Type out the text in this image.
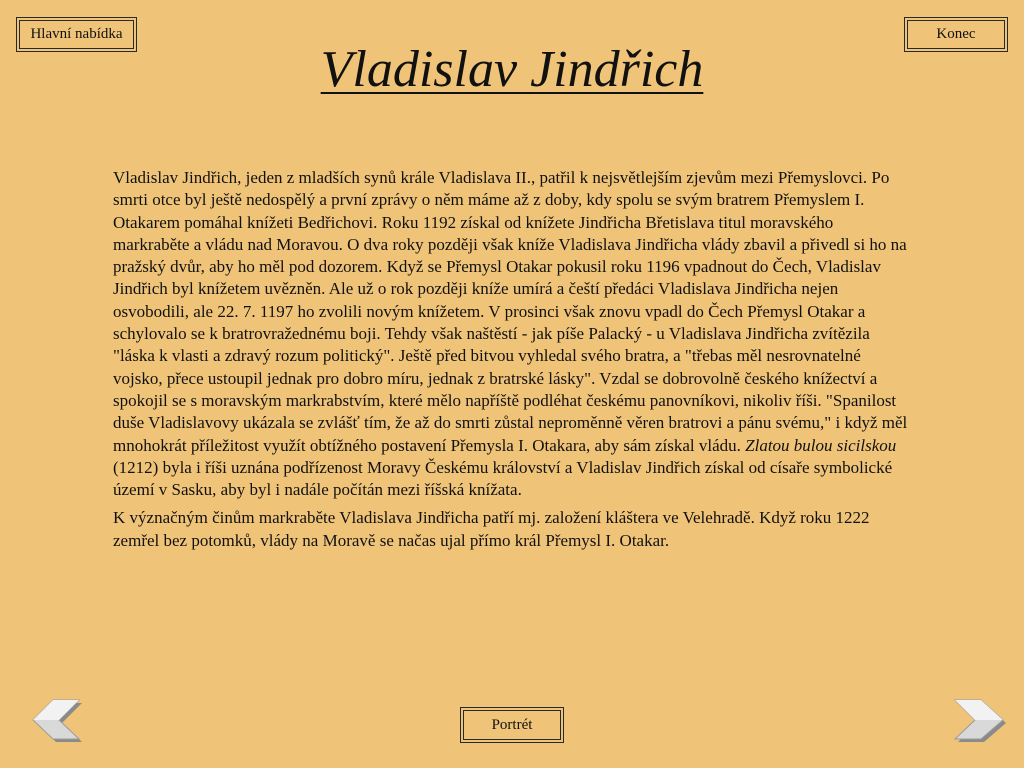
Hlavní nabídka	Konec
Vladislav Jindřich

Vladislav Jindřich, jeden z mladších synů krále Vladislava II., patřil k nejsvětlejším zjevům mezi Přemyslovci. Po smrti otce byl ještě nedospělý a první zprávy o něm máme až z doby, kdy spolu se svým bratrem Přemyslem I. Otakarem pomáhal knížeti Bedřichovi. Roku 1192 získal od knížete Jindřicha Břetislava titul moravského markraběte a vládu nad Moravou. O dva roky později však kníže Vladislava Jindřicha vlády zbavil a přivedl si ho na pražský dvůr, aby ho měl pod dozorem. Když se Přemysl Otakar pokusil roku 1196 vpadnout do Čech, Vladislav Jindřich byl knížetem uvězněn. Ale už o rok později kníže umírá a čeští předáci Vladislava Jindřicha nejen osvobodili, ale 22. 7. 1197 ho zvolili novým knížetem. V prosinci však znovu vpadl do Čech Přemysl Otakar a schylovalo se k bratrovražednému boji. Tehdy však naštěstí - jak píše Palacký - u Vladislava Jindřicha zvítězila "láska k vlasti a zdravý rozum politický". Ještě před bitvou vyhledal svého bratra, a "třebas měl nesrovnatelné vojsko, přece ustoupil jednak pro dobro míru, jednak z bratrské lásky". Vzdal se dobrovolně českého knížectví a spokojil se s moravským markrabstvím, které mělo napříště podléhat českému panovníkovi, nikoliv říši. "Spanilost duše Vladislavovy ukázala se zvlášť tím, že až do smrti zůstal neproměnně věren bratrovi a pánu svému," i když měl mnohokrát příležitost využít obtížného postavení Přemysla I. Otakara, aby sám získal vládu. Zlatou bulou sicilskou (1212) byla i říši uznána podřízenost Moravy Českému království a Vladislav Jindřich získal od císaře symbolické území v Sasku, aby byl i nadále počítán mezi říšská knížata.

K význačným činům markraběte Vladislava Jindřicha patří mj. založení kláštera ve Velehradě. Když roku 1222 zemřel bez potomků, vlády na Moravě se načas ujal přímo král Přemysl I. Otakar.

Portrét
